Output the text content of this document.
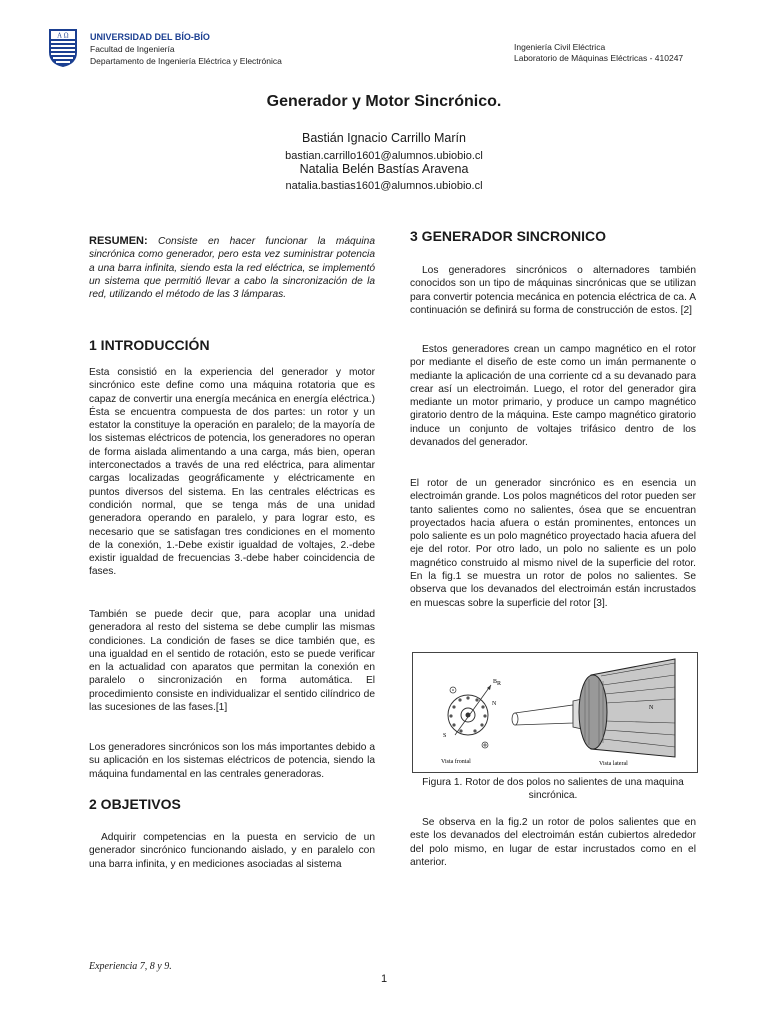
A Ω UNIVERSIDAD DEL BÍO-BÍO
Facultad de Ingeniería
Departamento de Ingeniería Eléctrica y Electrónica
Ingeniería Civil Eléctrica
Laboratorio de Máquinas Eléctricas - 410247
Generador y Motor Sincrónico.
Bastián Ignacio Carrillo Marín
bastian.carrillo1601@alumnos.ubiobio.cl
Natalia Belén Bastías Aravena
natalia.bastias1601@alumnos.ubiobio.cl

RESUMEN: Consiste en hacer funcionar la máquina sincrónica como generador, pero esta vez suministrar potencia a una barra infinita, siendo esta la red eléctrica, se implementó un sistema que permitió llevar a cabo la sincronización de la red, utilizando el método de las 3 lámparas.

1 INTRODUCCIÓN
Esta consistió en la experiencia del generador y motor sincrónico este define como una máquina rotatoria que es capaz de convertir una energía mecánica en energía eléctrica.) Ésta se encuentra compuesta de dos partes: un rotor y un estator la constituye la operación en paralelo; de la mayoría de los sistemas eléctricos de potencia, los generadores no operan de forma aislada alimentando a una carga, más bien, operan interconectados a través de una red eléctrica, para alimentar cargas localizadas geográficamente y eléctricamente en puntos diversos del sistema. En las centrales eléctricas es condición normal, que se tenga más de una unidad generadora operando en paralelo, y para lograr esto, es necesario que se satisfagan tres condiciones en el momento de la conexión, 1.-Debe existir igualdad de voltajes, 2.-debe existir igualdad de frecuencias 3.-debe haber coincidencia de fases.
También se puede decir que, para acoplar una unidad generadora al resto del sistema se debe cumplir las mismas condiciones. La condición de fases se dice también que, es una igualdad en el sentido de rotación, esto se puede verificar en la actualidad con aparatos que permitan la conexión en paralelo o sincronización en forma automática. El procedimiento consiste en individualizar el sentido cilíndrico de las sucesiones de las fases.[1]
Los generadores sincrónicos son los más importantes debido a su aplicación en los sistemas eléctricos de potencia, siendo la máquina fundamental en las centrales generadoras.
2 OBJETIVOS
Adquirir competencias en la puesta en servicio de un generador sincrónico funcionando aislado, y en paralelo con una barra infinita, y en mediciones asociadas al sistema
3 GENERADOR SINCRONICO
Los generadores sincrónicos o alternadores también conocidos son un tipo de máquinas sincrónicas que se utilizan para convertir potencia mecánica en potencia eléctrica de ca. A continuación se definirá su forma de construcción de estos. [2]
Estos generadores crean un campo magnético en el rotor por mediante el diseño de este como un imán permanente o mediante la aplicación de una corriente cd a su devanado para crear así un electroimán. Luego, el rotor del generador gira mediante un motor primario, y produce un campo magnético giratorio dentro de la máquina. Este campo magnético giratorio induce un conjunto de voltajes trifásico dentro de los devanados del generador.
El rotor de un generador sincrónico es en esencia un electroimán grande. Los polos magnéticos del rotor pueden ser tanto salientes como no salientes, ósea que se encuentran proyectados hacia afuera o están prominentes, entonces un polo saliente es un polo magnético proyectado hacia afuera del eje del rotor. Por otro lado, un polo no saliente es un polo magnético construido al mismo nivel de la superficie del rotor. En la fig.1 se muestra un rotor de polos no salientes. Se observa que los devanados del electroimán están incrustados en muescas sobre la superficie del rotor [3].
B R
N
S
Vista frontal
N
Vista lateral
Figura 1. Rotor de dos polos no salientes de una maquina sincrónica.
Se observa en la fig.2 un rotor de polos salientes que en este los devanados del electroimán están cubiertos alrededor del polo mismo, en lugar de estar incrustados como en el anterior.
Experiencia 7, 8 y 9.
1
